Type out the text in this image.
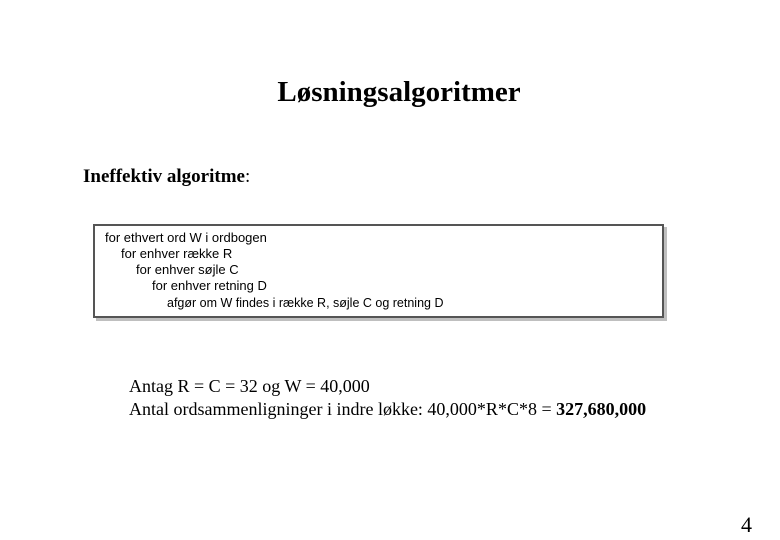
Løsningsalgoritmer
Ineffektiv algoritme:
for ethvert ord W i ordbogen
for enhver række R
for enhver søjle C
for enhver retning D
afgør om W findes i række R, søjle C og retning D
Antag R = C = 32 og W = 40,000
Antal ordsammenligninger i indre løkke: 40,000*R*C*8 = 327,680,000
4
